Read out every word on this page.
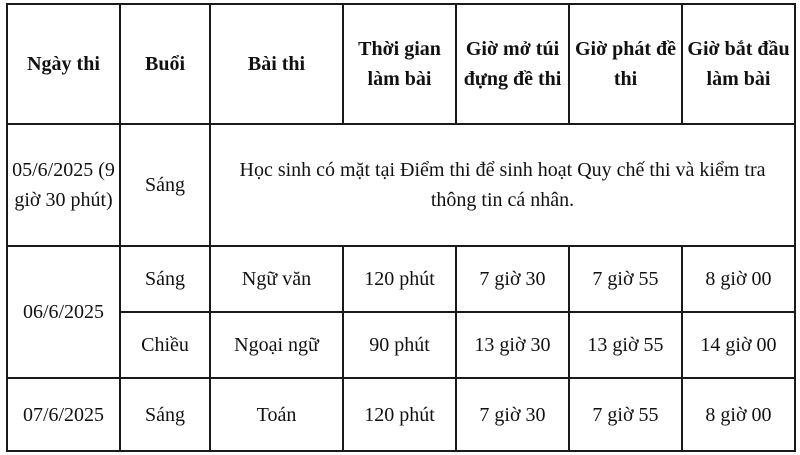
Ngày thi	Buổi	Bài thi	Thời gian làm bài	Giờ mở túi đựng đề thi	Giờ phát đề thi	Giờ bắt đầu làm bài
05/6/2025 (9 giờ 30 phút)	Sáng	Học sinh có mặt tại Điểm thi để sinh hoạt Quy chế thi và kiểm tra thông tin cá nhân.				
06/6/2025	Sáng	Ngữ văn	120 phút	7 giờ 30	7 giờ 55	8 giờ 00
	Chiều	Ngoại ngữ	90 phút	13 giờ 30	13 giờ 55	14 giờ 00
07/6/2025	Sáng	Toán	120 phút	7 giờ 30	7 giờ 55	8 giờ 00
